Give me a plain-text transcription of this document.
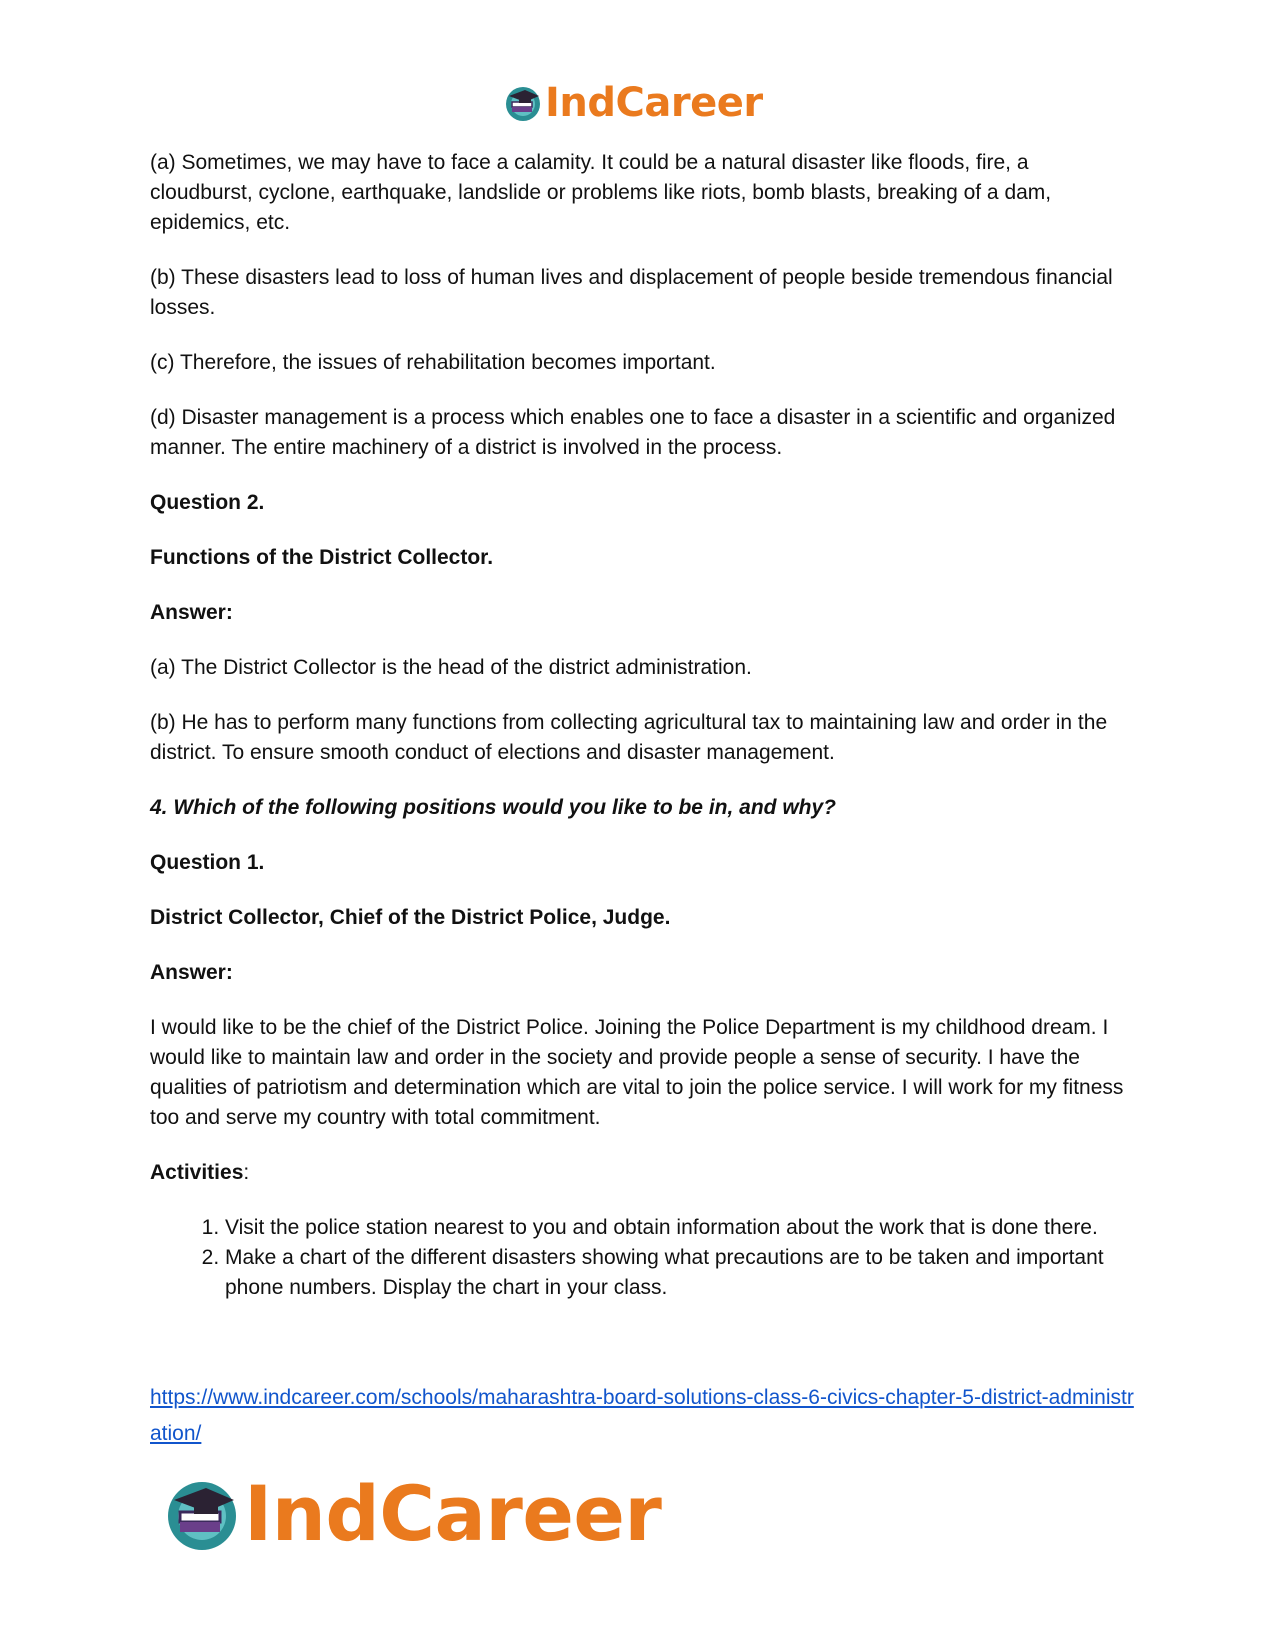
IndCareer

(a) Sometimes, we may have to face a calamity. It could be a natural disaster like floods, fire, a cloudburst, cyclone, earthquake, landslide or problems like riots, bomb blasts, breaking of a dam, epidemics, etc.

(b) These disasters lead to loss of human lives and displacement of people beside tremendous financial losses.

(c) Therefore, the issues of rehabilitation becomes important.

(d) Disaster management is a process which enables one to face a disaster in a scientific and organized manner. The entire machinery of a district is involved in the process.

Question 2.

Functions of the District Collector.

Answer:

(a) The District Collector is the head of the district administration.

(b) He has to perform many functions from collecting agricultural tax to maintaining law and order in the district. To ensure smooth conduct of elections and disaster management.

4. Which of the following positions would you like to be in, and why?

Question 1.

District Collector, Chief of the District Police, Judge.

Answer:

I would like to be the chief of the District Police. Joining the Police Department is my childhood dream. I would like to maintain law and order in the society and provide people a sense of security. I have the qualities of patriotism and determination which are vital to join the police service. I will work for my fitness too and serve my country with total commitment.

Activities:

1. Visit the police station nearest to you and obtain information about the work that is done there.
2. Make a chart of the different disasters showing what precautions are to be taken and important phone numbers. Display the chart in your class.
https://www.indcareer.com/schools/maharashtra-board-solutions-class-6-civics-chapter-5-district-administration/
IndCareer
